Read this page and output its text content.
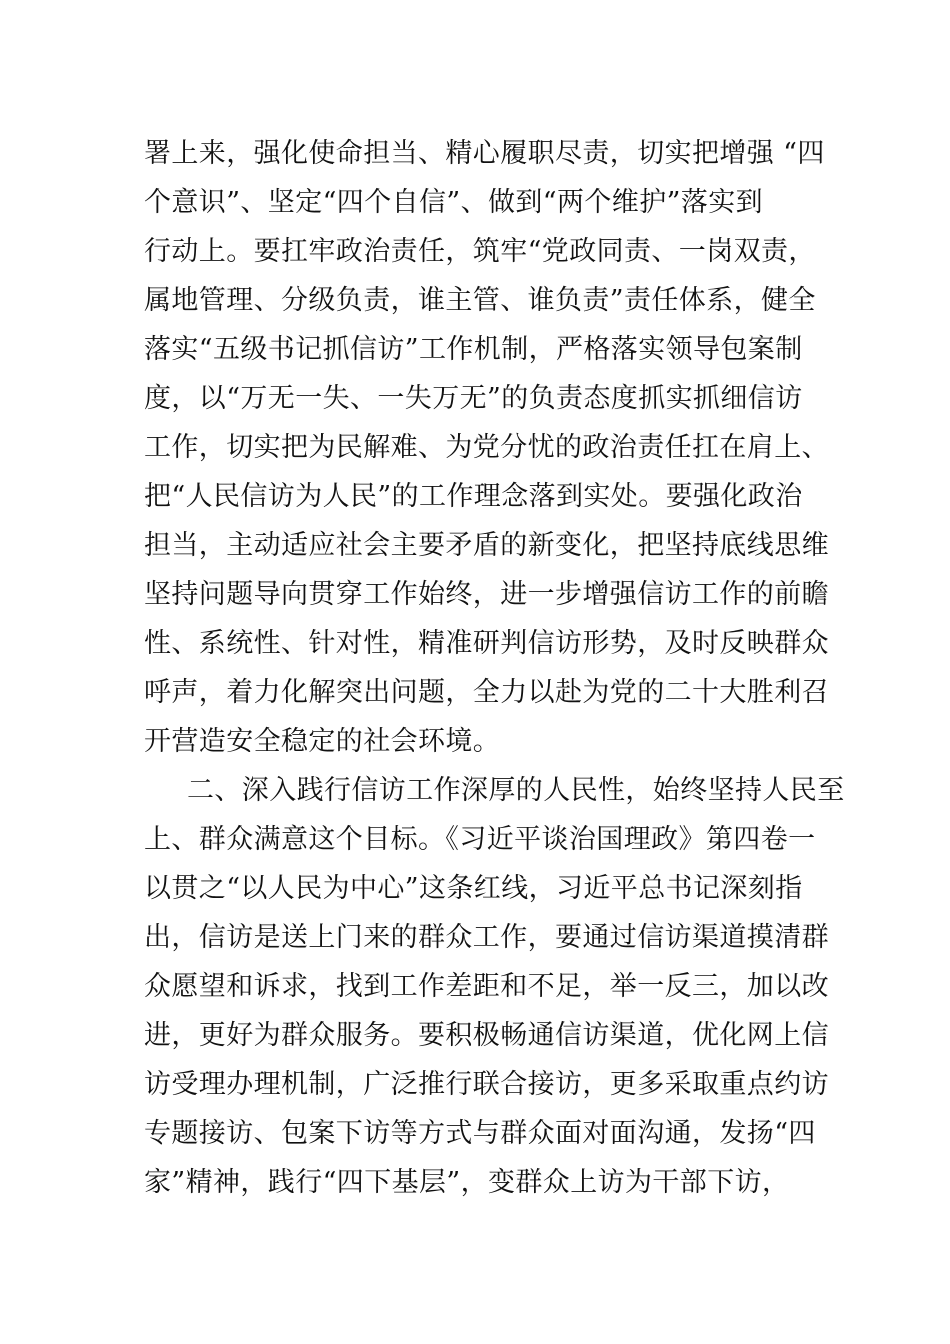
署上来，强化使命担当、精心履职尽责，切实把增强 “四
个意识”、坚定“四个自信”、做到“两个维护”落实到
行动上。要扛牢政治责任，筑牢“党政同责、一岗双责，
属地管理、分级负责，谁主管、谁负责”责任体系，健全
落实“五级书记抓信访”工作机制，严格落实领导包案制
度，以“万无一失、一失万无”的负责态度抓实抓细信访
工作，切实把为民解难、为党分忧的政治责任扛在肩上、
把“人民信访为人民”的工作理念落到实处。要强化政治
担当，主动适应社会主要矛盾的新变化，把坚持底线思维
坚持问题导向贯穿工作始终，进一步增强信访工作的前瞻
性、系统性、针对性，精准研判信访形势，及时反映群众
呼声，着力化解突出问题，全力以赴为党的二十大胜利召
开营造安全稳定的社会环境。
二、深入践行信访工作深厚的人民性，始终坚持人民至
上、群众满意这个目标。《习近平谈治国理政》第四卷一
以贯之“以人民为中心”这条红线，习近平总书记深刻指
出，信访是送上门来的群众工作，要通过信访渠道摸清群
众愿望和诉求，找到工作差距和不足，举一反三，加以改
进，更好为群众服务。要积极畅通信访渠道，优化网上信
访受理办理机制，广泛推行联合接访，更多采取重点约访
专题接访、包案下访等方式与群众面对面沟通，发扬“四
家”精神，践行“四下基层”，变群众上访为干部下访，
